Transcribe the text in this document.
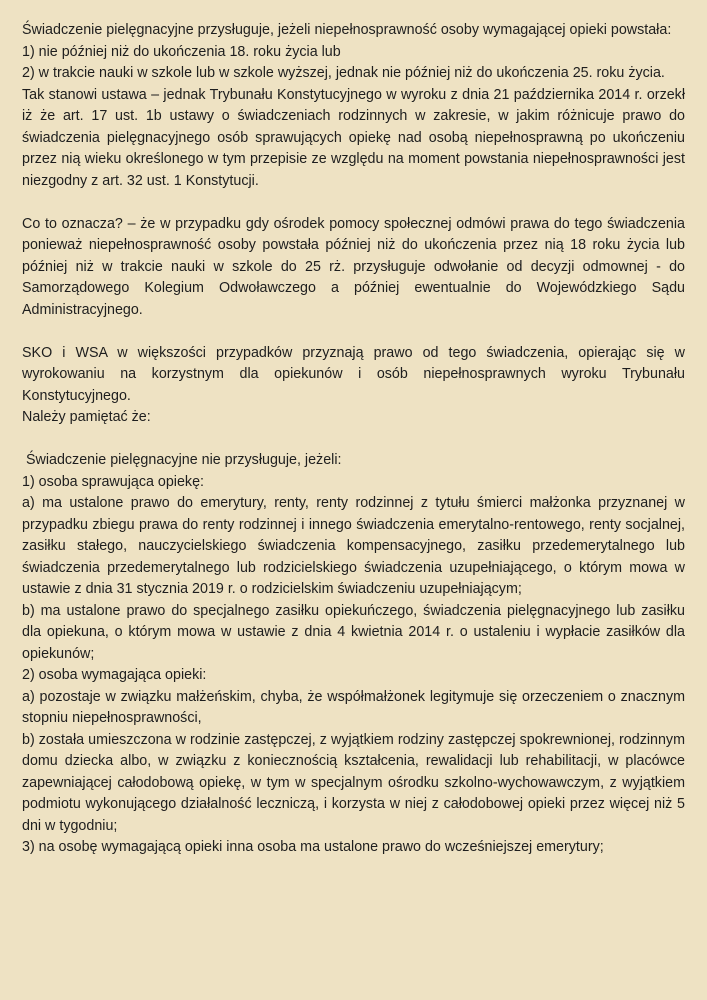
Świadczenie pielęgnacyjne przysługuje, jeżeli niepełnosprawność osoby wymagającej opieki powstała:

1) nie później niż do ukończenia 18. roku życia lub

2) w trakcie nauki w szkole lub w szkole wyższej, jednak nie później niż do ukończenia 25. roku życia.

Tak stanowi ustawa – jednak Trybunału Konstytucyjnego w wyroku z dnia 21 października 2014 r. orzekł iż że art. 17 ust. 1b ustawy o świadczeniach rodzinnych w zakresie, w jakim różnicuje prawo do świadczenia pielęgnacyjnego osób sprawujących opiekę nad osobą niepełnosprawną po ukończeniu przez nią wieku określonego w tym przepisie ze względu na moment powstania niepełnosprawności jest niezgodny z art. 32 ust. 1 Konstytucji.

Co to oznacza? – że w przypadku gdy ośrodek pomocy społecznej odmówi prawa do tego świadczenia ponieważ niepełnosprawność osoby powstała później niż do ukończenia przez nią 18 roku życia lub później niż w trakcie nauki w szkole do 25 rż. przysługuje odwołanie od decyzji odmownej - do Samorządowego Kolegium Odwoławczego a później ewentualnie do Wojewódzkiego Sądu Administracyjnego.

SKO i WSA w większości przypadków przyznają prawo od tego świadczenia, opierając się w wyrokowaniu na korzystnym dla opiekunów i osób niepełnosprawnych wyroku Trybunału Konstytucyjnego.

Należy pamiętać że:

Świadczenie pielęgnacyjne nie przysługuje, jeżeli:

1) osoba sprawująca opiekę:

a) ma ustalone prawo do emerytury, renty, renty rodzinnej z tytułu śmierci małżonka przyznanej w przypadku zbiegu prawa do renty rodzinnej i innego świadczenia emerytalno-rentowego, renty socjalnej, zasiłku stałego, nauczycielskiego świadczenia kompensacyjnego, zasiłku przedemerytalnego lub świadczenia przedemerytalnego lub rodzicielskiego świadczenia uzupełniającego, o którym mowa w ustawie z dnia 31 stycznia 2019 r. o rodzicielskim świadczeniu uzupełniającym;

b) ma ustalone prawo do specjalnego zasiłku opiekuńczego, świadczenia pielęgnacyjnego lub zasiłku dla opiekuna, o którym mowa w ustawie z dnia 4 kwietnia 2014 r. o ustaleniu i wypłacie zasiłków dla opiekunów;

2) osoba wymagająca opieki:

a) pozostaje w związku małżeńskim, chyba, że współmałżonek legitymuje się orzeczeniem o znacznym stopniu niepełnosprawności,

b) została umieszczona w rodzinie zastępczej, z wyjątkiem rodziny zastępczej spokrewnionej, rodzinnym domu dziecka albo, w związku z koniecznością kształcenia, rewalidacji lub rehabilitacji, w placówce zapewniającej całodobową opiekę, w tym w specjalnym ośrodku szkolno-wychowawczym, z wyjątkiem podmiotu wykonującego działalność leczniczą, i korzysta w niej z całodobowej opieki przez więcej niż 5 dni w tygodniu;

3) na osobę wymagającą opieki inna osoba ma ustalone prawo do wcześniejszej emerytury;
